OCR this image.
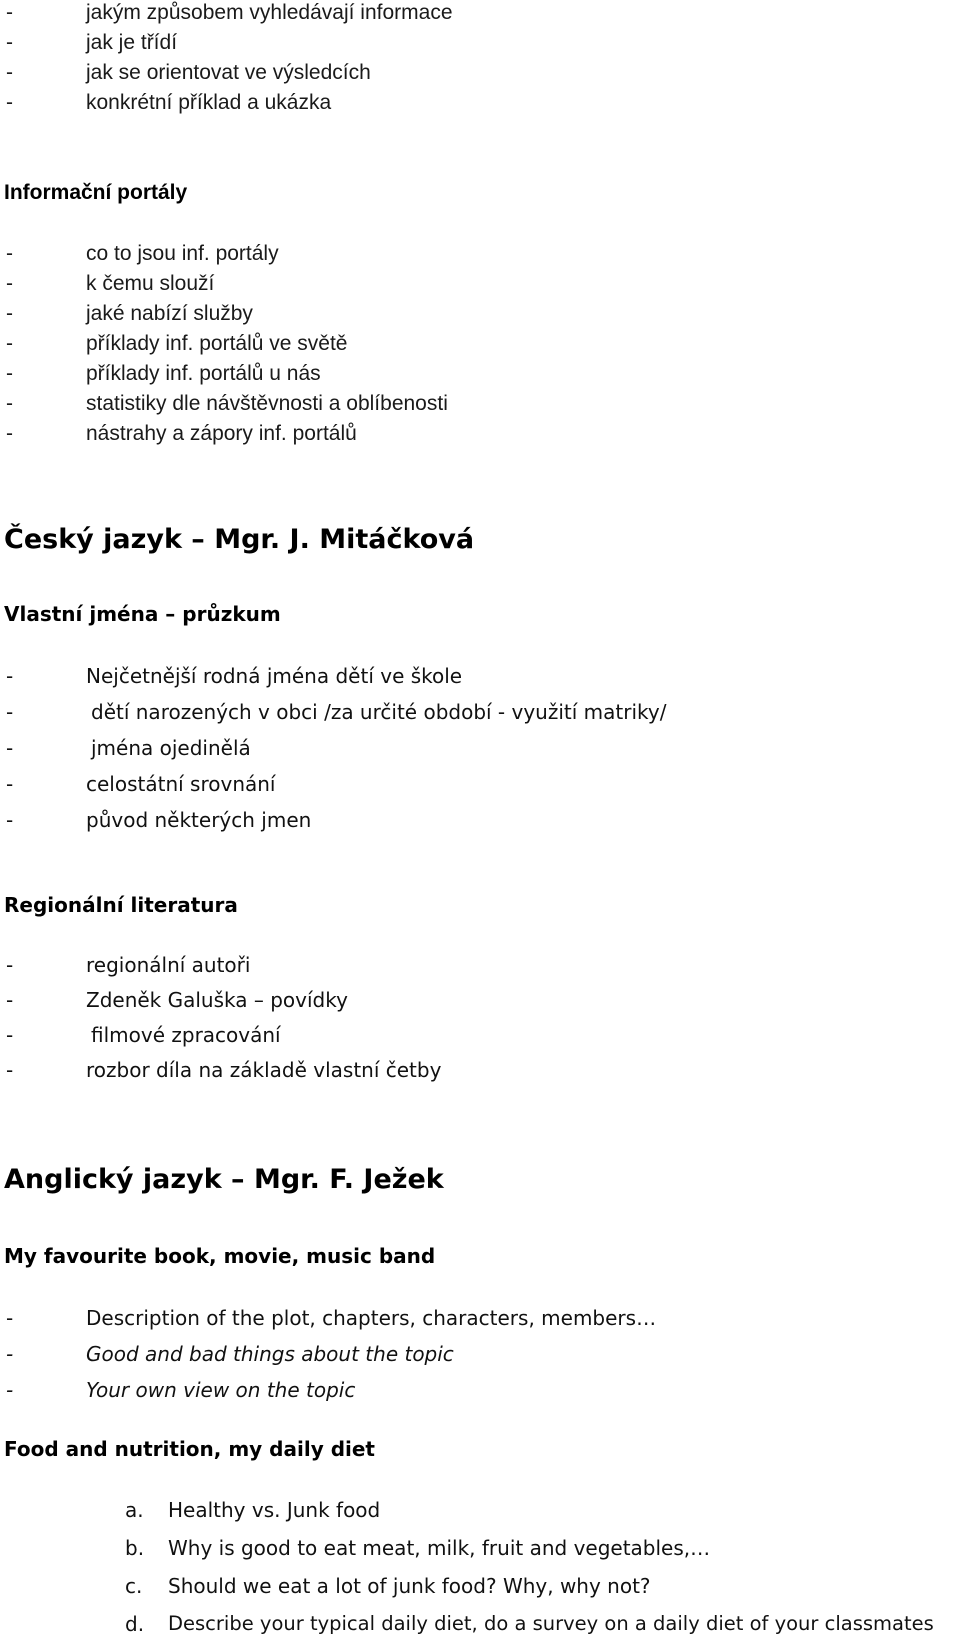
-	jakým způsobem vyhledávají informace
-	jak je třídí
-	jak se orientovat ve výsledcích
-	konkrétní příklad a ukázka
Informační portály
-	co to jsou inf. portály
-	k čemu slouží
-	jaké nabízí služby
-	příklady inf. portálů ve světě
-	příklady inf. portálů u nás
-	statistiky dle návštěvnosti a oblíbenosti
-	nástrahy a zápory inf. portálů
Český jazyk – Mgr. J. Mitáčková
Vlastní jména – průzkum
-	Nejčetnější rodná jména dětí ve škole
-	dětí narozených v obci /za určité období - využití matriky/
-	jména ojedinělá
-	celostátní srovnání
-	původ některých jmen
Regionální literatura
-	regionální autoři
-	Zdeněk Galuška – povídky
-	filmové zpracování
-	rozbor díla na základě vlastní četby
Anglický jazyk – Mgr. F. Ježek
My favourite book, movie, music band
-	Description of the plot, chapters, characters, members…
-	Good and bad things about the topic
-	Your own view on the topic
Food and nutrition, my daily diet
a. Healthy vs. Junk food
b. Why is good to eat meat, milk, fruit and vegetables,…
c. Should we eat a lot of junk food? Why, why not?
d. Describe your typical daily diet, do a survey on a daily diet of your classmates
